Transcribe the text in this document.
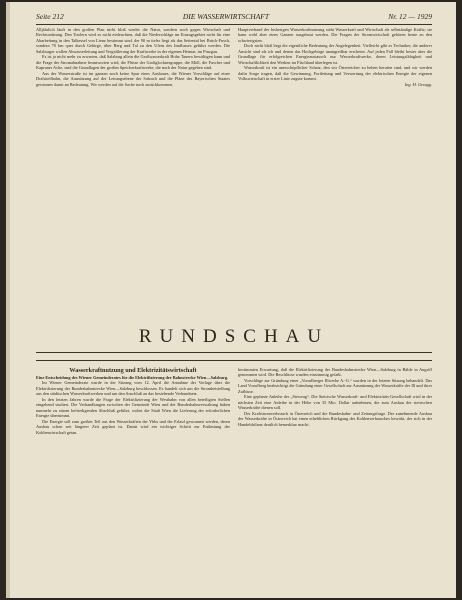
Seite 212	DIE WASSERWIRTSCHAFT	Nr. 12 — 1929

Alljährlich läuft in den großen Plan nicht bloß wieder die Natur, sondern auch gegen Wirtschaft und Rechtsordnung. Den Tirolern wird es nicht einleuchten, daß die Niederschläge im Einzugsgebiet nicht für eine Abarbeitung in den Talkessel von Lienz bestimmt sind, der 90 m tiefer liegt als das Seitental bei Brück-Fusch, sondern 70 km quer durch Gebirge, über Berg und Tal zu den Ufern des Innflusses geführt werden. Die Salzburger wollen Abwasserleitung und Vergrößerung der Kraftwerke in der eigenen Heimat, im Pinzgau.

Es ist ja nicht mehr zu erwarten, daß Salzburg allein die Großwasserkraft Hohe Tauern bewältigen kann und die Frage der Stromabnahme beantworten wird, die Flüsse der Großglocknergruppe, die Möll, die Fuscher und Kapruner Ache, sind die Grundlagen der großen Speicherkraftwerke, die nach der Natur gegeben sind.

Aus der Wasserstraße ist im ganzen noch keine Spur eines Ausbaues, die Wiener Vorschläge auf einer Drahtseilbahn, die Ausnützung auf der Leitungsebene der Salzach und die Pläne des Bayerischen Staates gewinnen damit an Bedeutung. Wir werden auf die Sache noch zurückkommen.

Hauptverband der bisherigen Wasserkraftnutzung sieht Wasserkraft und Wirtschaft als selbständige Kräfte; sie kann wohl aber eines Ganzen ausgebaut werden. Die Fragen der Stromwirtschaft gehören heute zu den schwierigsten.

Doch nicht bloß liegt die eigentliche Bedeutung der Angelegenheit. Vielleicht gibt es Techniker, die anderer Ansicht sind als ich und denen das Hochgebirge unangreifbar erscheint. Auf jeden Fall bleibt bester aber die Grundlage für erfolgreichen Energieaustausch nur Wasserkraftwerke, deren Leistungsfähigkeit und Wirtschaftlichkeit den Werken im Flachland überlegen ist.

Wasserkraft ist ein unerschöpflicher Schatz, den wir Österreicher zu heben berufen sind, und wir werden dafür Sorge tragen, daß die Gewinnung, Fortleitung und Verwertung der elektrischen Energie der eigenen Volkswirtschaft in erster Linie zugute kommt.

Ing. H. Greugg.

RUNDSCHAU
Wasserkraftnutzung und Elektrizitätswirtschaft

Eine Entscheidung des Wiener Gemeinderates für die Elektrifizierung der Bahnstrecke Wien—Salzburg.

Im Wiener Gemeinderate wurde in der Sitzung vom 12. April die Annahme der Vorlage über die Elektrifizierung der Bundesbahnstrecke Wien—Salzburg beschlossen. Es handelt sich um die Strombeistellung aus den städtischen Wasserkraftwerken und um den Anschluß an das bestehende Verbundnetz.

In den letzten Jahren wurde die Frage der Elektrifizierung der Westbahn von allen beteiligten Stellen eingehend studiert. Die Verhandlungen zwischen der Gemeinde Wien und der Bundesbahnverwaltung haben nunmehr zu einem befriedigenden Abschluß geführt, wobei die Stadt Wien die Lieferung der erforderlichen Energie übernimmt.

Die Energie soll zum großen Teil aus den Wasserkräften der Ybbs und der Erlauf gewonnen werden, deren Ausbau schon seit längerer Zeit geplant ist. Damit wird ein wichtiger Schritt zur Entlastung der Kohlenwirtschaft getan.

bestimmten Erwartung, daß die Elektrifizierung der Bundesbahnstrecke Wien—Salzburg in Bälde in Angriff genommen wird. Die Beschlüsse wurden einstimmig gefaßt.

Vorschläge zur Gründung einer „Vorarlberger Illwerke A.-G.“ wurden in der letzten Sitzung behandelt. Das Land Vorarlberg beabsichtigt die Gründung einer Gesellschaft zur Ausnützung der Wasserkräfte der Ill und ihrer Zuflüsse.

Eine geplante Anleihe der „Steweag“. Die Steirische Wasserkraft- und Elektrizitäts-Gesellschaft wird in der nächsten Zeit eine Anleihe in der Höhe von 35 Mio. Dollar aufnehmen, die zum Ausbau der steirischen Wasserkräfte dienen soll.

Der Kraftstromverbrauch in Österreich und die Bundesbahn- und Zeitungsfrage. Der zunehmende Ausbau der Wasserkräfte in Österreich hat einen erheblichen Rückgang des Kohlenverbrauches bewirkt, der sich in der Handelsbilanz deutlich bemerkbar macht.
